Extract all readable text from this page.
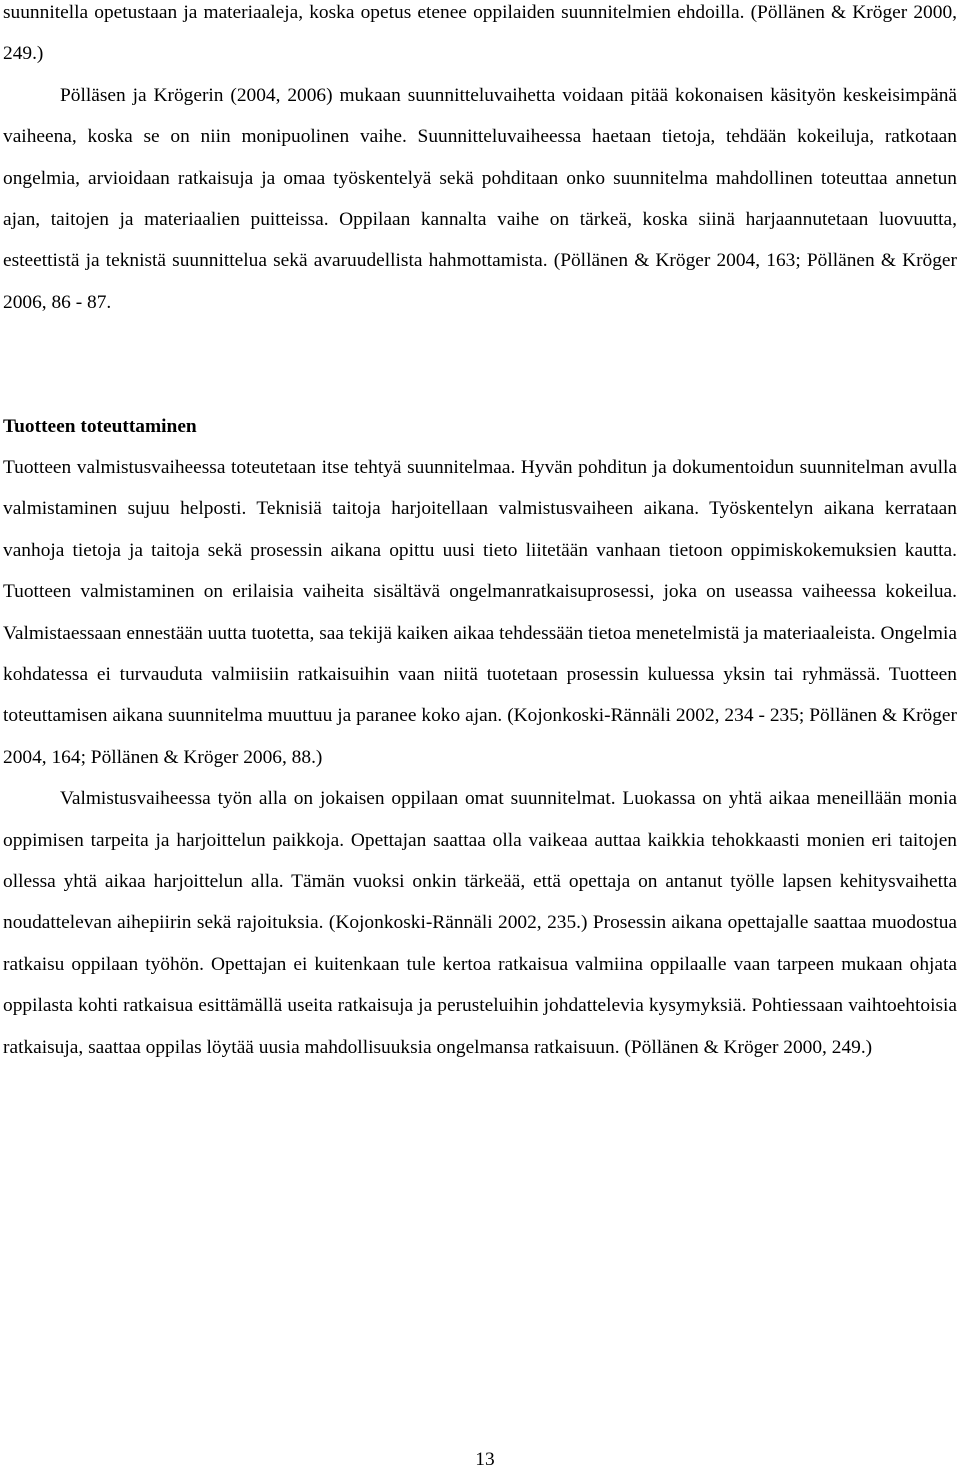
suunnitella opetustaan ja materiaaleja, koska opetus etenee oppilaiden suunnitelmien ehdoilla. (Pöllänen & Kröger 2000, 249.)

Pölläsen ja Krögerin (2004, 2006) mukaan suunnitteluvaihetta voidaan pitää kokonaisen käsityön keskeisimpänä vaiheena, koska se on niin monipuolinen vaihe. Suunnitteluvaiheessa haetaan tietoja, tehdään kokeiluja, ratkotaan ongelmia, arvioidaan ratkaisuja ja omaa työskentelyä sekä pohditaan onko suunnitelma mahdollinen toteuttaa annetun ajan, taitojen ja materiaalien puitteissa. Oppilaan kannalta vaihe on tärkeä, koska siinä harjaannutetaan luovuutta, esteettistä ja teknistä suunnittelua sekä avaruudellista hahmottamista. (Pöllänen & Kröger 2004, 163; Pöllänen & Kröger 2006, 86 - 87.

Tuotteen toteuttaminen

Tuotteen valmistusvaiheessa toteutetaan itse tehtyä suunnitelmaa. Hyvän pohditun ja dokumentoidun suunnitelman avulla valmistaminen sujuu helposti. Teknisiä taitoja harjoitellaan valmistusvaiheen aikana. Työskentelyn aikana kerrataan vanhoja tietoja ja taitoja sekä prosessin aikana opittu uusi tieto liitetään vanhaan tietoon oppimiskokemuksien kautta. Tuotteen valmistaminen on erilaisia vaiheita sisältävä ongelmanratkaisuprosessi, joka on useassa vaiheessa kokeilua. Valmistaessaan ennestään uutta tuotetta, saa tekijä kaiken aikaa tehdessään tietoa menetelmistä ja materiaaleista. Ongelmia kohdatessa ei turvauduta valmiisiin ratkaisuihin vaan niitä tuotetaan prosessin kuluessa yksin tai ryhmässä. Tuotteen toteuttamisen aikana suunnitelma muuttuu ja paranee koko ajan. (Kojonkoski-Rännäli 2002, 234 - 235; Pöllänen & Kröger 2004, 164; Pöllänen & Kröger 2006, 88.)

Valmistusvaiheessa työn alla on jokaisen oppilaan omat suunnitelmat. Luokassa on yhtä aikaa meneillään monia oppimisen tarpeita ja harjoittelun paikkoja. Opettajan saattaa olla vaikeaa auttaa kaikkia tehokkaasti monien eri taitojen ollessa yhtä aikaa harjoittelun alla. Tämän vuoksi onkin tärkeää, että opettaja on antanut työlle lapsen kehitysvaihetta noudattelevan aihepiirin sekä rajoituksia. (Kojonkoski-Rännäli 2002, 235.) Prosessin aikana opettajalle saattaa muodostua ratkaisu oppilaan työhön. Opettajan ei kuitenkaan tule kertoa ratkaisua valmiina oppilaalle vaan tarpeen mukaan ohjata oppilasta kohti ratkaisua esittämällä useita ratkaisuja ja perusteluihin johdattelevia kysymyksiä. Pohtiessaan vaihtoehtoisia ratkaisuja, saattaa oppilas löytää uusia mahdollisuuksia ongelmansa ratkaisuun. (Pöllänen & Kröger 2000, 249.)

13
